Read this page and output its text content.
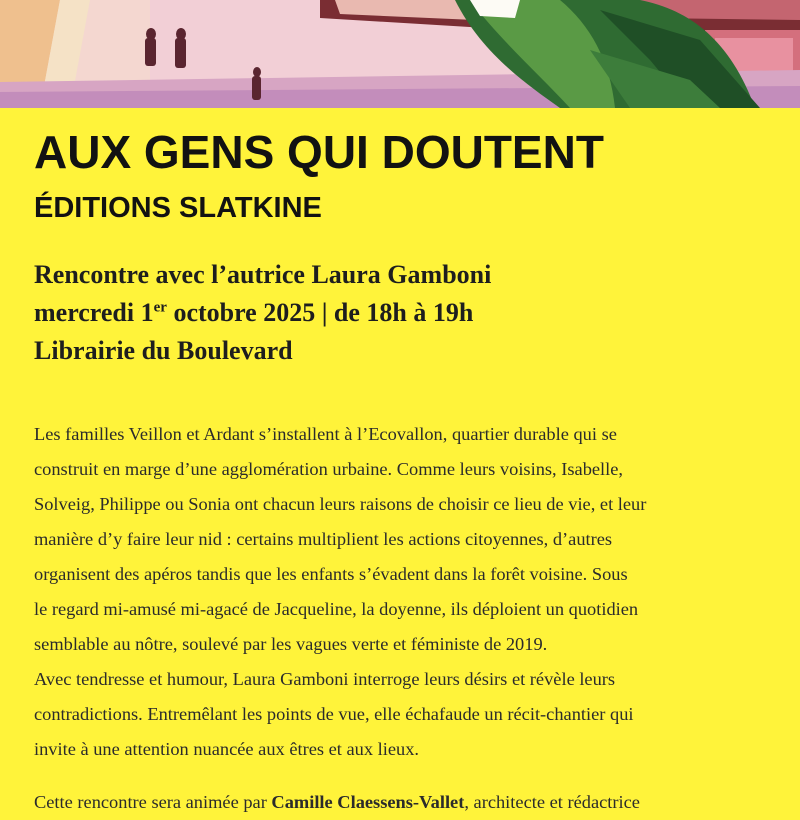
AUX GENS QUI DOUTENT
ÉDITIONS SLATKINE
Rencontre avec l’autrice Laura Gamboni
mercredi 1er octobre 2025 | de 18h à 19h
Librairie du Boulevard
Les familles Veillon et Ardant s’installent à l’Ecovallon, quartier durable qui se
construit en marge d’une agglomération urbaine. Comme leurs voisins, Isabelle,
Solveig, Philippe ou Sonia ont chacun leurs raisons de choisir ce lieu de vie, et leur
manière d’y faire leur nid : certains multiplient les actions citoyennes, d’autres
organisent des apéros tandis que les enfants s’évadent dans la forêt voisine. Sous
le regard mi-amusé mi-agacé de Jacqueline, la doyenne, ils déploient un quotidien
semblable au nôtre, soulevé par les vagues verte et féministe de 2019.
Avec tendresse et humour, Laura Gamboni interroge leurs désirs et révèle leurs
contradictions. Entremêlant les points de vue, elle échafaude un récit-chantier qui
invite à une attention nuancée aux êtres et aux lieux.
Cette rencontre sera animée par Camille Claessens-Vallet, architecte et rédactrice
